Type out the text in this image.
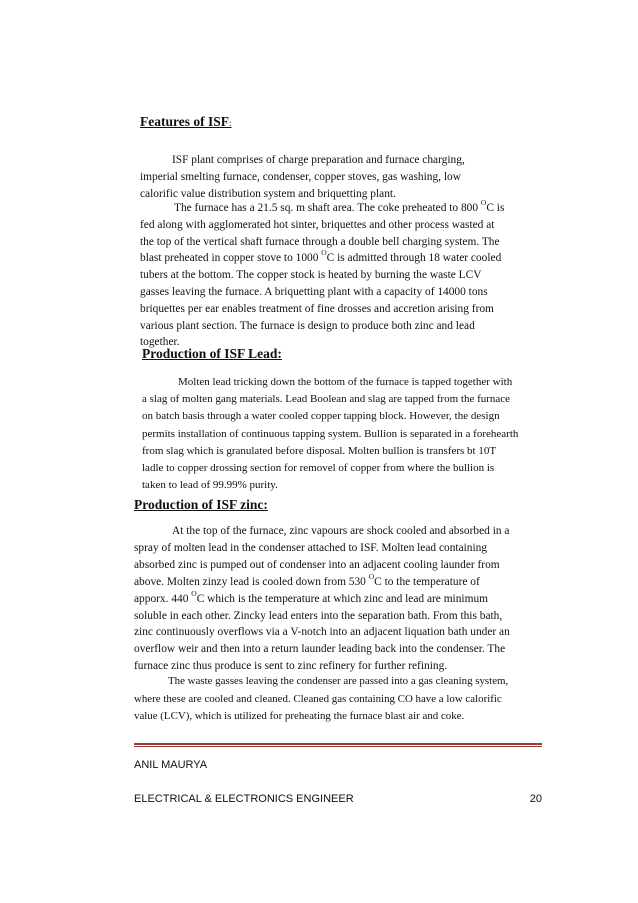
Features of ISF:
ISF plant comprises of charge preparation and furnace charging,
imperial smelting furnace, condenser, copper stoves, gas washing, low
calorific value distribution system and briquetting plant.
The furnace has a 21.5 sq. m shaft area. The coke preheated to 800 $^O$C is
fed along with agglomerated hot sinter, briquettes and other process wasted at
the top of the vertical shaft furnace through a double bell charging system. The
blast preheated in copper stove to 1000 $^O$C is admitted through 18 water cooled
tubers at the bottom. The copper stock is heated by burning the waste LCV
gasses leaving the furnace. A briquetting plant with a capacity of 14000 tons
briquettes per ear enables treatment of fine drosses and accretion arising from
various plant section. The furnace is design to produce both zinc and lead
together.
Production of ISF Lead:
Molten lead tricking down the bottom of the furnace is tapped together with
a slag of molten gang materials. Lead Boolean and slag are tapped from the furnace
on batch basis through a water cooled copper tapping block. However, the design
permits installation of continuous tapping system. Bullion is separated in a forehearth
from slag which is granulated before disposal. Molten bullion is transfers bt 10T
ladle to copper drossing section for removel of copper from where the bullion is
taken to lead of 99.99% purity.
Production of ISF zinc:
At the top of the furnace, zinc vapours are shock cooled and absorbed in a
spray of molten lead in the condenser attached to ISF. Molten lead containing
absorbed zinc is pumped out of condenser into an adjacent cooling launder from
above. Molten zinzy lead is cooled down from 530 $^O$C to the temperature of
apporx. 440 $^O$C which is the temperature at which zinc and lead are minimum
soluble in each other. Zincky lead enters into the separation bath. From this bath,
zinc continuously overflows via a V-notch into an adjacent liquation bath under an
overflow weir and then into a return launder leading back into the condenser. The
furnace zinc thus produce is sent to zinc refinery for further refining.
The waste gasses leaving the condenser are passed into a gas cleaning system,
where these are cooled and cleaned. Cleaned gas containing CO have a low calorific
value (LCV), which is utilized for preheating the furnace blast air and coke.
ANIL MAURYA
ELECTRICAL & ELECTRONICS ENGINEER	20
